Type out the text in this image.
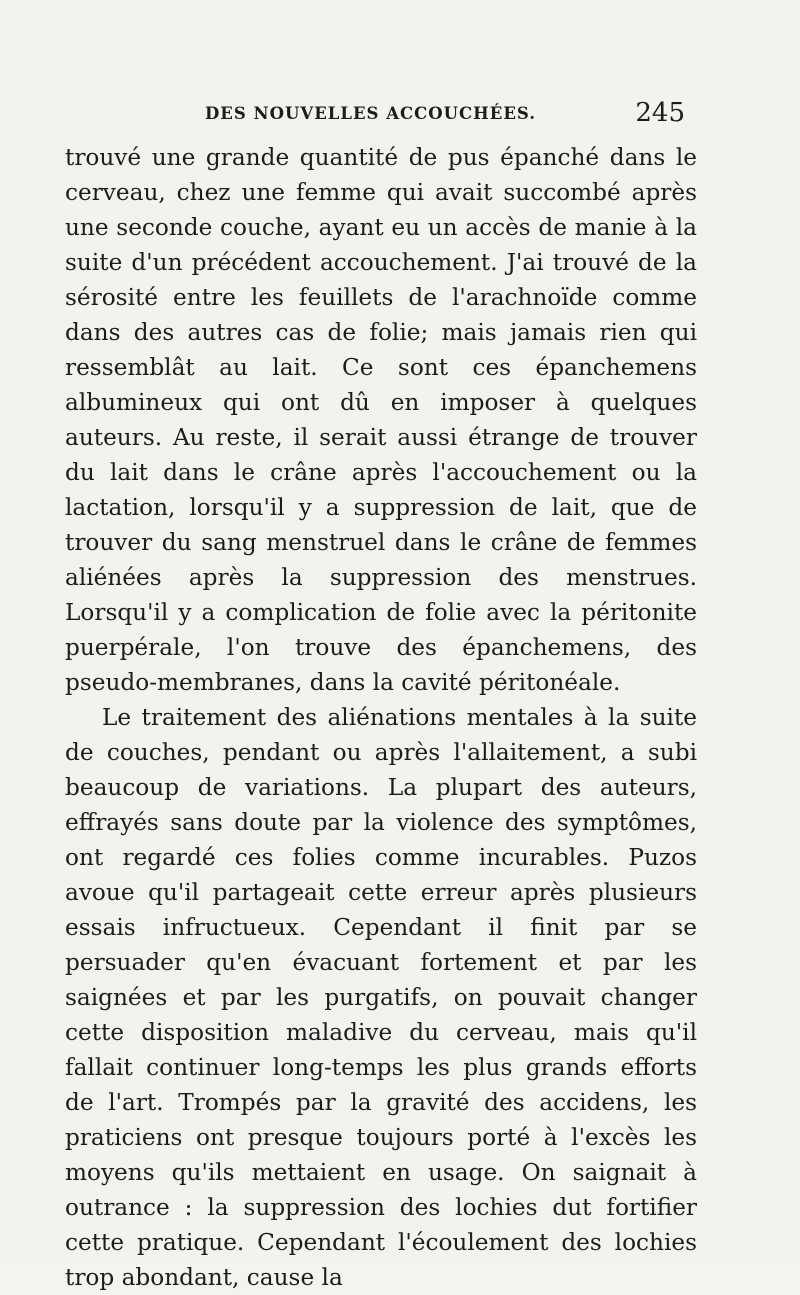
DES NOUVELLES ACCOUCHÉES.	245

trouvé une grande quantité de pus épanché dans le cerveau, chez une femme qui avait succombé après une seconde couche, ayant eu un accès de manie à la suite d'un précédent accouchement. J'ai trouvé de la sérosité entre les feuillets de l'arachnoïde comme dans des autres cas de folie; mais jamais rien qui ressemblât au lait. Ce sont ces épanchemens albumineux qui ont dû en imposer à quelques auteurs. Au reste, il serait aussi étrange de trouver du lait dans le crâne après l'accouchement ou la lactation, lorsqu'il y a suppression de lait, que de trouver du sang menstruel dans le crâne de femmes aliénées après la suppression des menstrues. Lorsqu'il y a complication de folie avec la péritonite puerpérale, l'on trouve des épanchemens, des pseudo-membranes, dans la cavité péritonéale.

Le traitement des aliénations mentales à la suite de couches, pendant ou après l'allaitement, a subi beaucoup de variations. La plupart des auteurs, effrayés sans doute par la violence des symptômes, ont regardé ces folies comme incurables. Puzos avoue qu'il partageait cette erreur après plusieurs essais infructueux. Cependant il finit par se persuader qu'en évacuant fortement et par les saignées et par les purgatifs, on pouvait changer cette disposition maladive du cerveau, mais qu'il fallait continuer long-temps les plus grands efforts de l'art. Trompés par la gravité des accidens, les praticiens ont presque toujours porté à l'excès les moyens qu'ils mettaient en usage. On saignait à outrance : la suppression des lochies dut fortifier cette pratique. Cependant l'écoulement des lochies trop abondant, cause la
